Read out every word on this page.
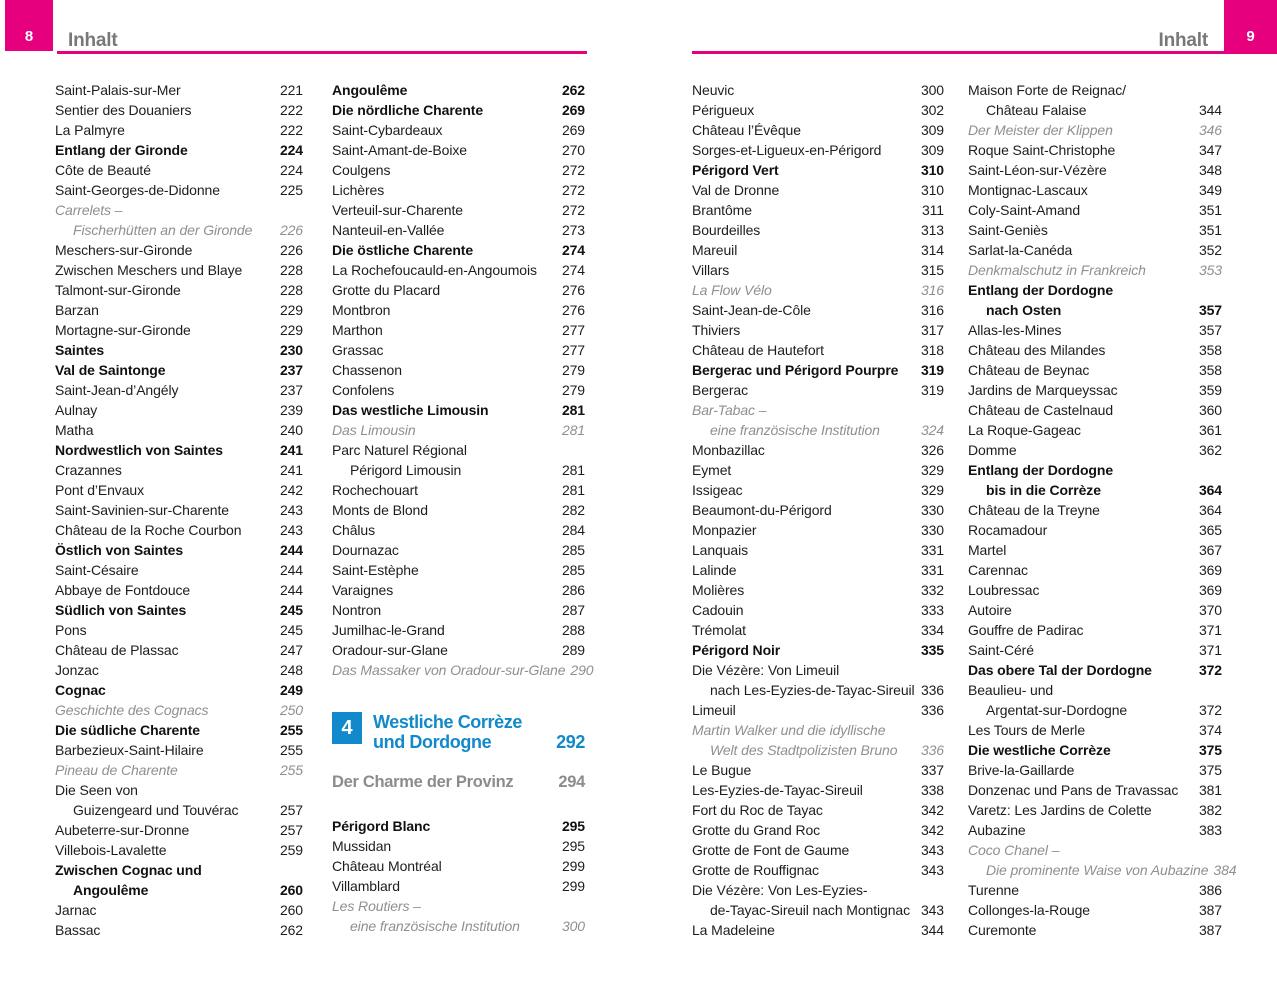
8 Inhalt	Inhalt	9
Saint-Palais-sur-Mer	221
Sentier des Douaniers	222
La Palmyre	222
Entlang der Gironde	224
Côte de Beauté	224
Saint-Georges-de-Didonne	225
Carrelets –
Fischerhütten an der Gironde 226
Meschers-sur-Gironde	226
Zwischen Meschers und Blaye	228
Talmont-sur-Gironde	228
Barzan	229
Mortagne-sur-Gironde	229
Saintes	230
Val de Saintonge	237
Saint-Jean-d’Angély	237
Aulnay	239
Matha	240
Nordwestlich von Saintes	241
Crazannes	241
Pont d’Envaux	242
Saint-Savinien-sur-Charente	243
Château de la Roche Courbon	243
Östlich von Saintes	244
Saint-Césaire	244
Abbaye de Fontdouce	244
Südlich von Saintes	245
Pons	245
Château de Plassac	247
Jonzac	248
Cognac	249
Geschichte des Cognacs	250
Die südliche Charente	255
Barbezieux-Saint-Hilaire	255
Pineau de Charente	255
Die Seen von
Guizengeard und Touvérac	257
Aubeterre-sur-Dronne	257
Villebois-Lavalette	259
Zwischen Cognac und
Angoulême	260
Jarnac	260
Bassac	262
Angoulême	262
Die nördliche Charente	269
Saint-Cybardeaux	269
Saint-Amant-de-Boixe	270
Coulgens	272
Lichères	272
Verteuil-sur-Charente	272
Nanteuil-en-Vallée	273
Die östliche Charente	274
La Rochefoucauld-en-Angoumois 274
Grotte du Placard	276
Montbron	276
Marthon	277
Grassac	277
Chassenon	279
Confolens	279
Das westliche Limousin	281
Das Limousin	281
Parc Naturel Régional
Périgord Limousin	281
Rochechouart	281
Monts de Blond	282
Châlus	284
Dournazac	285
Saint-Estèphe	285
Varaignes	286
Nontron	287
Jumilhac-le-Grand	288
Oradour-sur-Glane	289
Das Massaker von Oradour-sur-Glane 290
4	Westliche Corrèze
und Dordogne	292
Der Charme der Provinz	294
Périgord Blanc	295
Mussidan	295
Château Montréal	299
Villamblard	299
Les Routiers –
eine französische Institution	300
Neuvic	300
Périgueux	302
Château l’Évêque	309
Sorges-et-Ligueux-en-Périgord	309
Périgord Vert	310
Val de Dronne	310
Brantôme	311
Bourdeilles	313
Mareuil	314
Villars	315
La Flow Vélo	316
Saint-Jean-de-Côle	316
Thiviers	317
Château de Hautefort	318
Bergerac und Périgord Pourpre 319
Bergerac	319
Bar-Tabac –
eine französische Institution	324
Monbazillac	326
Eymet	329
Issigeac	329
Beaumont-du-Périgord	330
Monpazier	330
Lanquais	331
Lalinde	331
Molières	332
Cadouin	333
Trémolat	334
Périgord Noir	335
Die Vézère: Von Limeuil
nach Les-Eyzies-de-Tayac-Sireuil 336
Limeuil	336
Martin Walker und die idyllische
Welt des Stadtpolizisten Bruno 336
Le Bugue	337
Les-Eyzies-de-Tayac-Sireuil	338
Fort du Roc de Tayac	342
Grotte du Grand Roc	342
Grotte de Font de Gaume	343
Grotte de Rouffignac	343
Die Vézère: Von Les-Eyzies-
de-Tayac-Sireuil nach Montignac 343
La Madeleine	344
Maison Forte de Reignac/
Château Falaise	344
Der Meister der Klippen	346
Roque Saint-Christophe	347
Saint-Léon-sur-Vézère	348
Montignac-Lascaux	349
Coly-Saint-Amand	351
Saint-Geniès	351
Sarlat-la-Canéda	352
Denkmalschutz in Frankreich	353
Entlang der Dordogne
nach Osten	357
Allas-les-Mines	357
Château des Milandes	358
Château de Beynac	358
Jardins de Marqueyssac	359
Château de Castelnaud	360
La Roque-Gageac	361
Domme	362
Entlang der Dordogne
bis in die Corrèze	364
Château de la Treyne	364
Rocamadour	365
Martel	367
Carennac	369
Loubressac	369
Autoire	370
Gouffre de Padirac	371
Saint-Céré	371
Das obere Tal der Dordogne	372
Beaulieu- und
Argentat-sur-Dordogne	372
Les Tours de Merle	374
Die westliche Corrèze	375
Brive-la-Gaillarde	375
Donzenac und Pans de Travassac 381
Varetz: Les Jardins de Colette	382
Aubazine	383
Coco Chanel –
Die prominente Waise von Aubazine 384
Turenne	386
Collonges-la-Rouge	387
Curemonte	387
